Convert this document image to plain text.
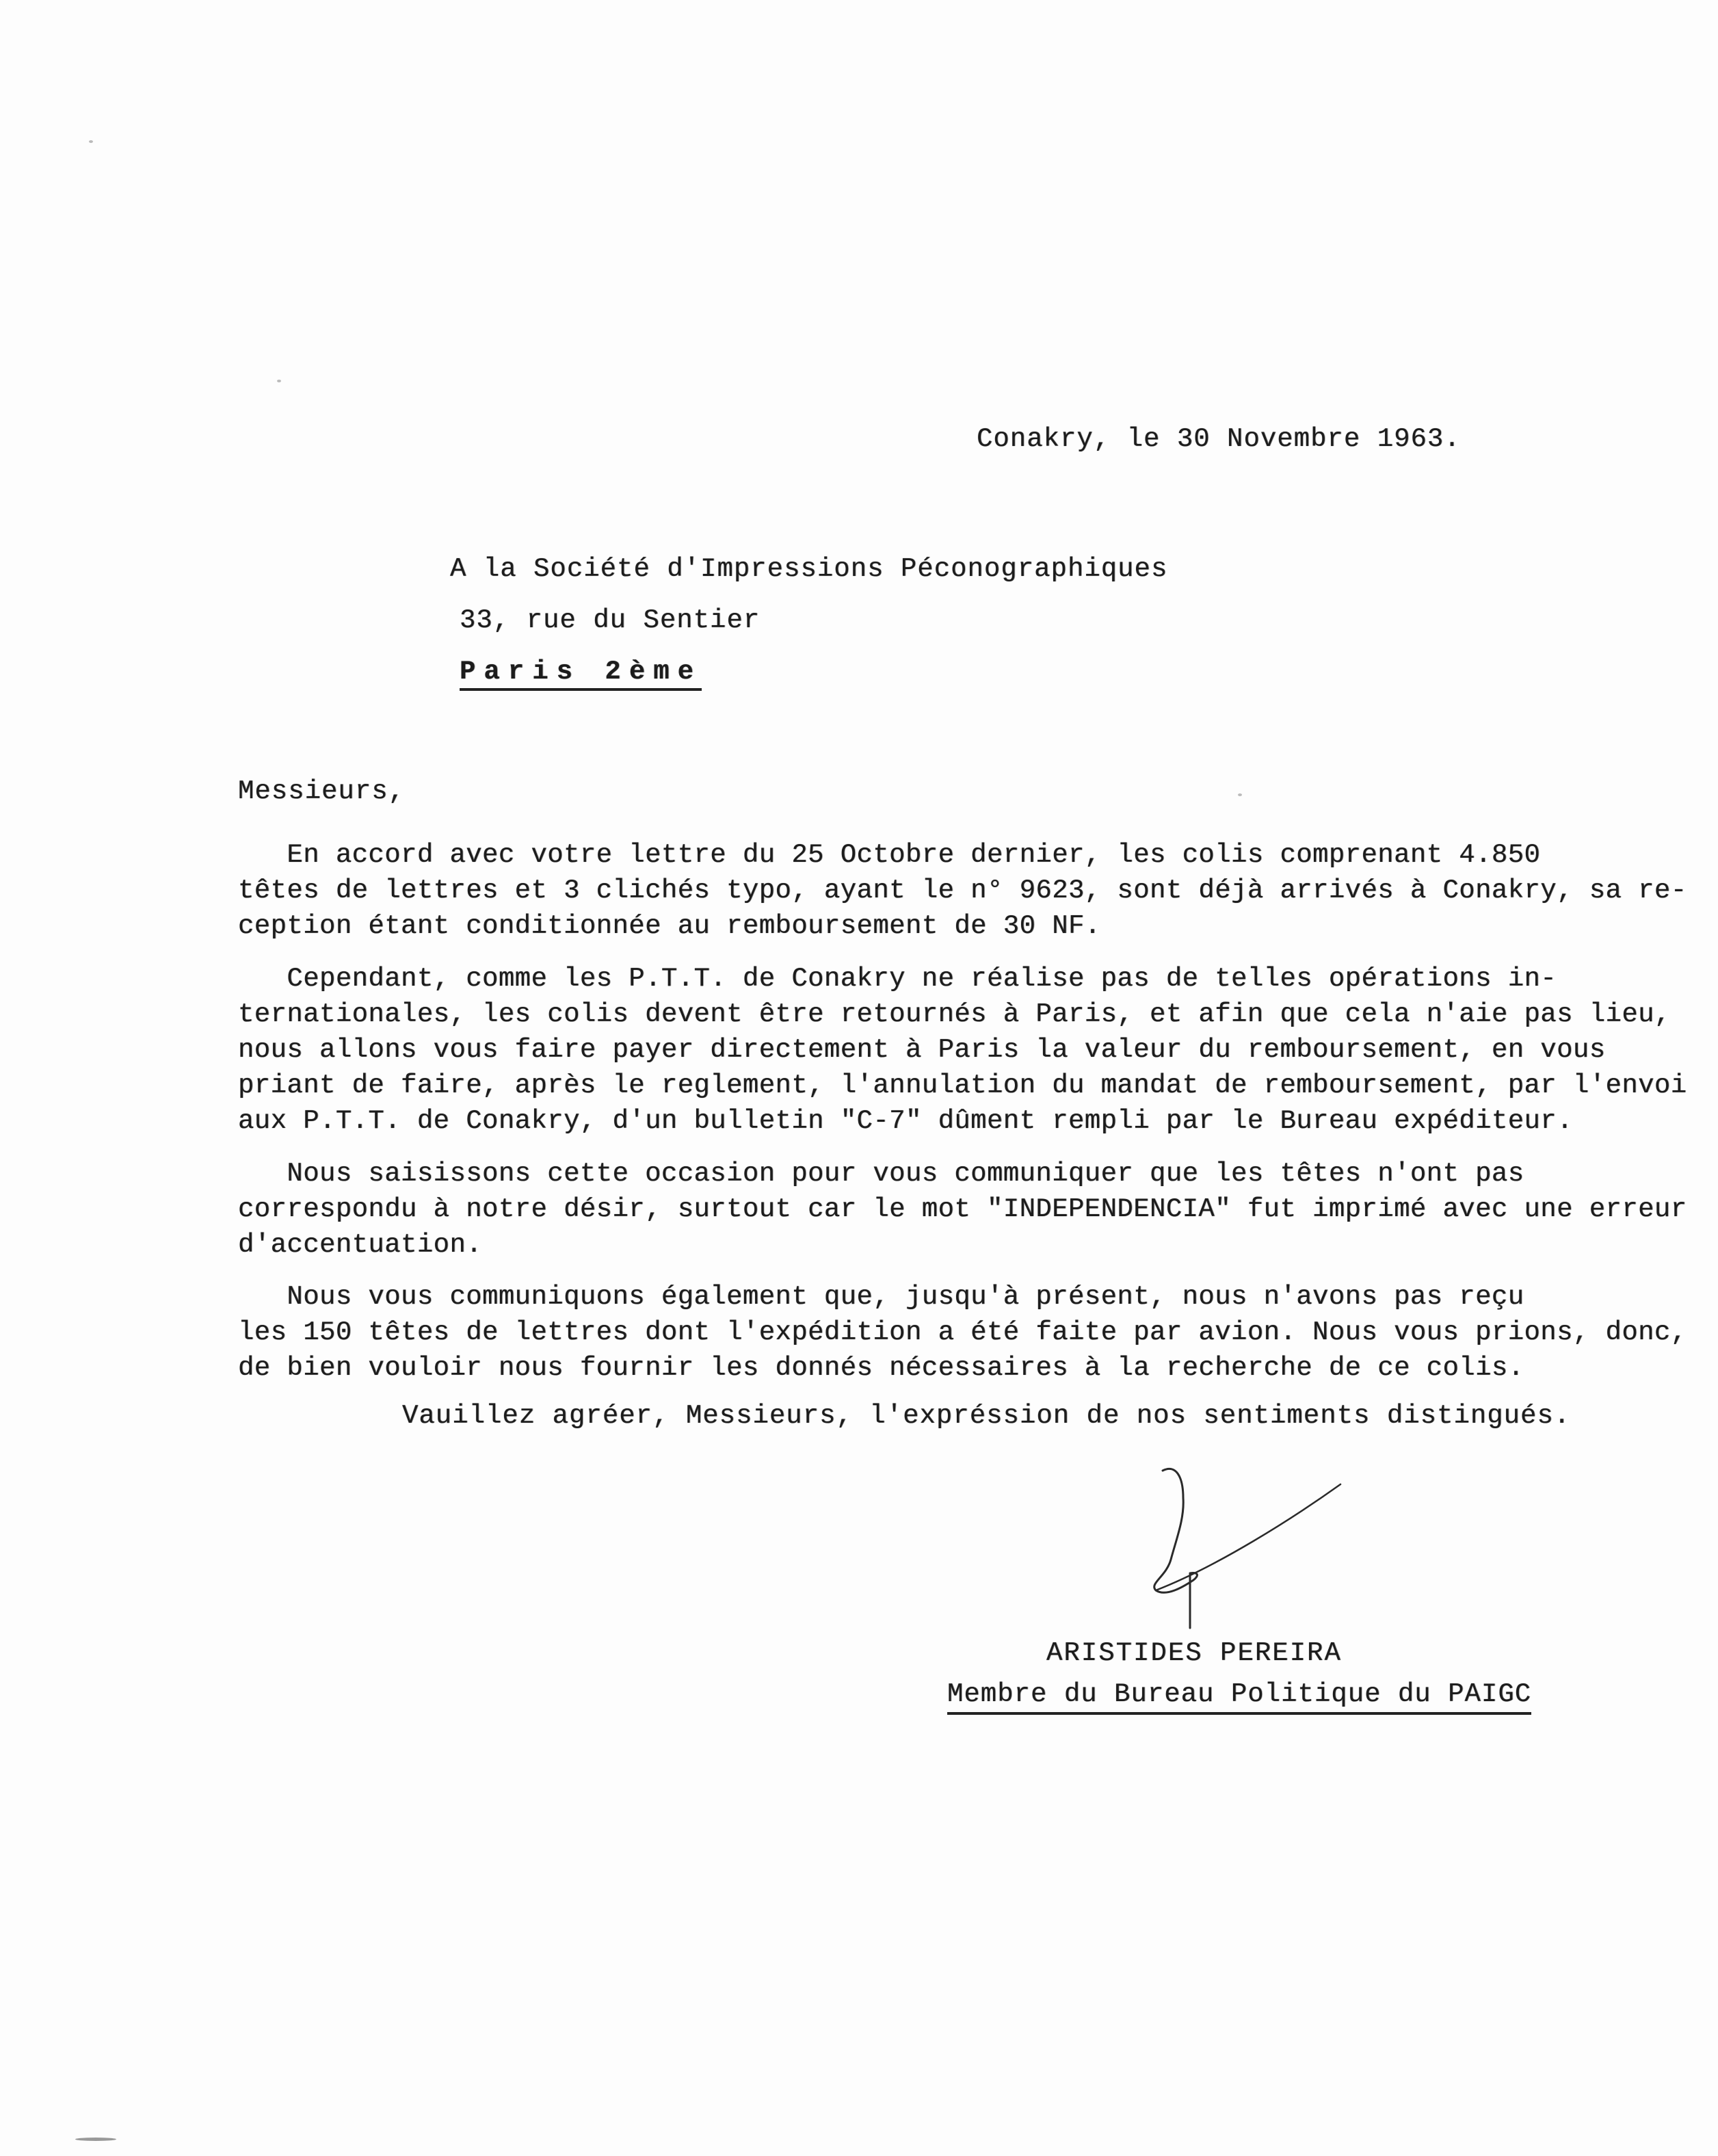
Conakry, le 30 Novembre 1963.
A la Société d'Impressions Péconographiques
33, rue du Sentier
Paris 2ème
Messieurs,
En accord avec votre lettre du 25 Octobre dernier, les colis comprenant 4.850
têtes de lettres et 3 clichés typo, ayant le n° 9623, sont déjà arrivés à Conakry, sa re-
ception étant conditionnée au remboursement de 30 NF.
Cependant, comme les P.T.T. de Conakry ne réalise pas de telles opérations in-
ternationales, les colis devent être retournés à Paris, et afin que cela n'aie pas lieu,
nous allons vous faire payer directement à Paris la valeur du remboursement, en vous
priant de faire, après le reglement, l'annulation du mandat de remboursement, par l'envoi
aux P.T.T. de Conakry, d'un bulletin "C-7" dûment rempli par le Bureau expéditeur.
Nous saisissons cette occasion pour vous communiquer que les têtes n'ont pas
correspondu à notre désir, surtout car le mot "INDEPENDENCIA" fut imprimé avec une erreur
d'accentuation.
Nous vous communiquons également que, jusqu'à présent, nous n'avons pas reçu
les 150 têtes de lettres dont l'expédition a été faite par avion. Nous vous prions, donc,
de bien vouloir nous fournir les donnés nécessaires à la recherche de ce colis.
Vauillez agréer, Messieurs, l'expréssion de nos sentiments distingués.
ARISTIDES PEREIRA
Membre du Bureau Politique du PAIGC
